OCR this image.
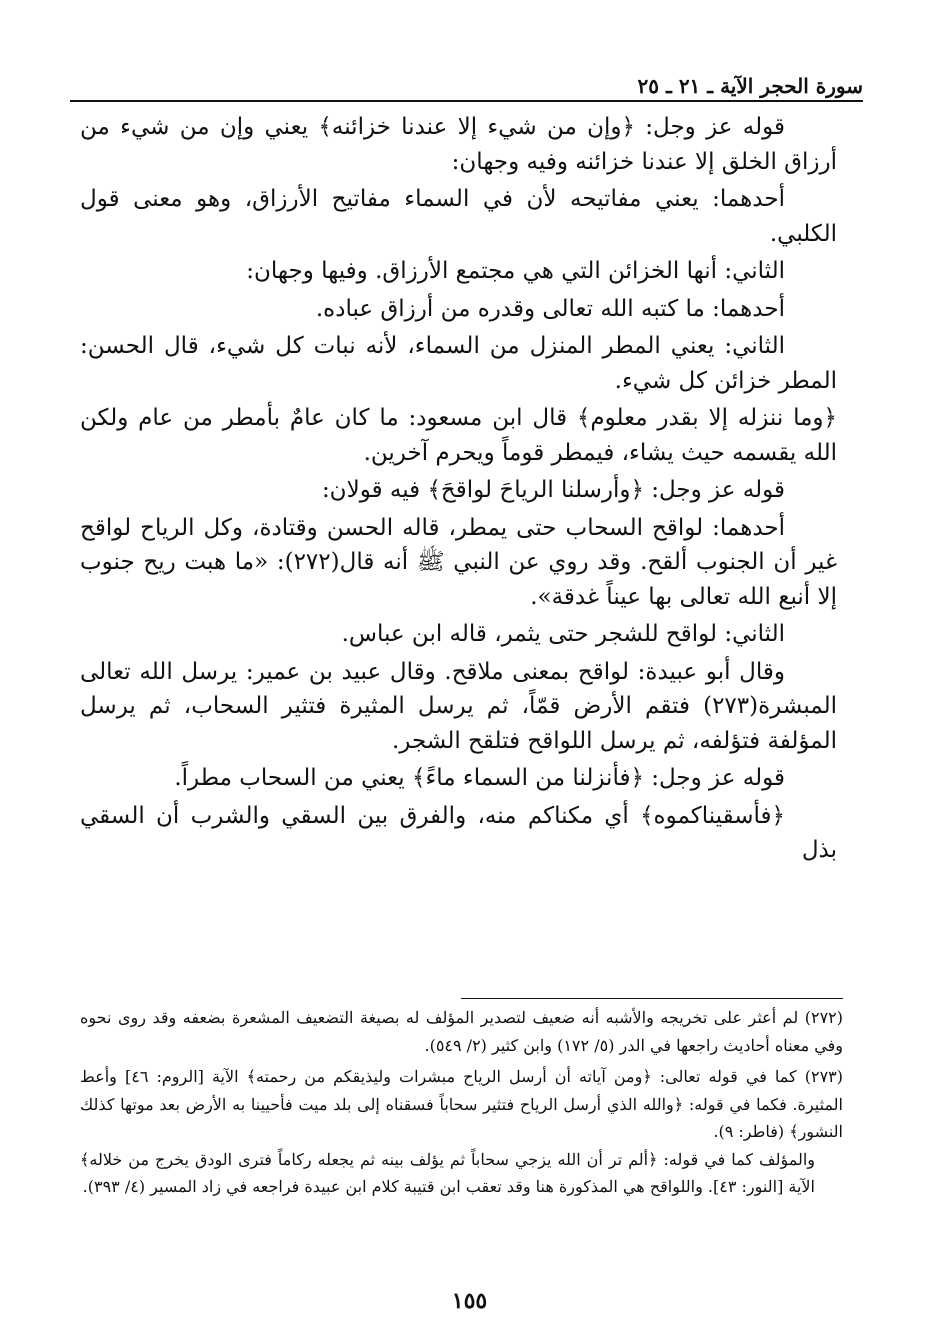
سورة الحجر الآية ـ ٢١ ـ ٢٥

قوله عز وجل: ﴿وإن من شيء إلا عندنا خزائنه﴾ يعني وإن من شيء من أرزاق الخلق إلا عندنا خزائنه وفيه وجهان:

أحدهما: يعني مفاتيحه لأن في السماء مفاتيح الأرزاق، وهو معنى قول الكلبي.

الثاني: أنها الخزائن التي هي مجتمع الأرزاق. وفيها وجهان:

أحدهما: ما كتبه الله تعالى وقدره من أرزاق عباده.

الثاني: يعني المطر المنزل من السماء، لأنه نبات كل شيء، قال الحسن: المطر خزائن كل شيء.

﴿وما ننزله إلا بقدر معلوم﴾ قال ابن مسعود: ما كان عامٌ بأمطر من عام ولكن الله يقسمه حيث يشاء، فيمطر قوماً ويحرم آخرين.

قوله عز وجل: ﴿وأرسلنا الرياحَ لواقحَ﴾ فيه قولان:

أحدهما: لواقح السحاب حتى يمطر، قاله الحسن وقتادة، وكل الرياح لواقح غير أن الجنوب ألقح. وقد روي عن النبي ﷺ أنه قال(٢٧٢): «ما هبت ريح جنوب إلا أنبع الله تعالى بها عيناً غدقة».

الثاني: لواقح للشجر حتى يثمر، قاله ابن عباس.

وقال أبو عبيدة: لواقح بمعنى ملاقح. وقال عبيد بن عمير: يرسل الله تعالى المبشرة(٢٧٣) فتقم الأرض قمّاً، ثم يرسل المثيرة فتثير السحاب، ثم يرسل المؤلفة فتؤلفه، ثم يرسل اللواقح فتلقح الشجر.

قوله عز وجل: ﴿فأنزلنا من السماء ماءً﴾ يعني من السحاب مطراً.

﴿فأسقيناكموه﴾ أي مكناكم منه، والفرق بين السقي والشرب أن السقي بذل

(٢٧٢) لم أعثر على تخريجه والأشبه أنه ضعيف لتصدير المؤلف له بصيغة التضعيف المشعرة بضعفه وقد روى نحوه وفي معناه أحاديث راجعها في الدر (٥/ ١٧٢) وابن كثير (٢/ ٥٤٩).

(٢٧٣) كما في قوله تعالى: ﴿ومن آياته أن أرسل الرياح مبشرات وليذيقكم من رحمته﴾ الآية [الروم: ٤٦] وأعط المثيرة. فكما في قوله: ﴿والله الذي أرسل الرياح فتثير سحاباً فسقناه إلى بلد ميت فأحيينا به الأرض بعد موتها كذلك النشور﴾ (فاطر: ٩).

والمؤلف كما في قوله: ﴿ألم تر أن الله يزجي سحاباً ثم يؤلف بينه ثم يجعله ركاماً فترى الودق يخرج من خلاله﴾ الآية [النور: ٤٣]. واللواقح هي المذكورة هنا وقد تعقب ابن قتيبة كلام ابن عبيدة فراجعه في زاد المسير (٤/ ٣٩٣).

١٥٥
